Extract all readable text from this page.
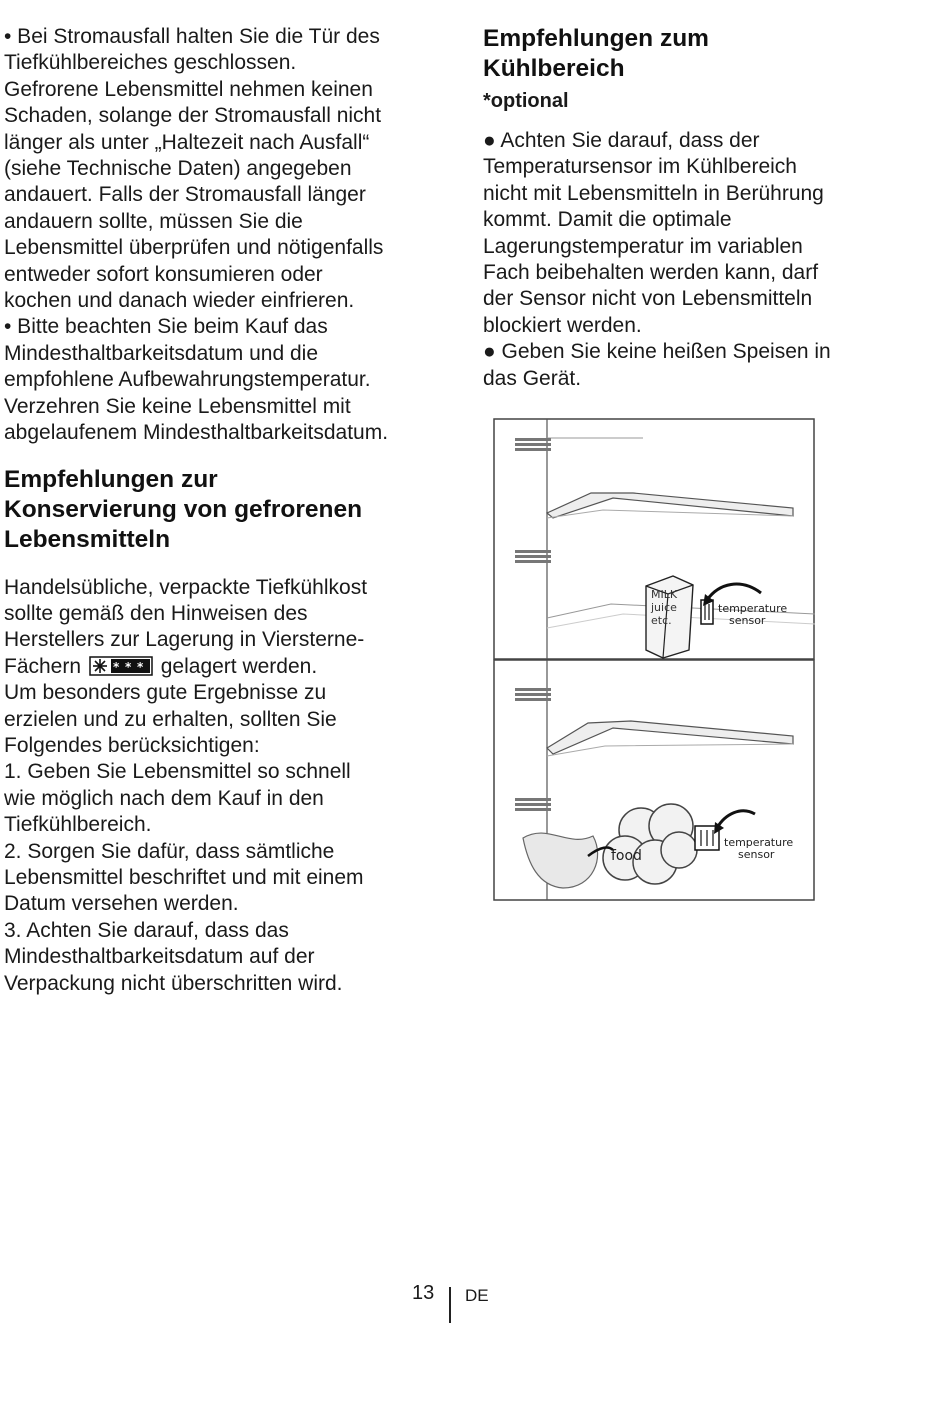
• Bei Stromausfall halten Sie die Tür des
Tiefkühlbereiches geschlossen.
Gefrorene Lebensmittel nehmen keinen
Schaden, solange der Stromausfall nicht
länger als unter „Haltezeit nach Ausfall“
(siehe Technische Daten) angegeben
andauert. Falls der Stromausfall länger
andauern sollte, müssen Sie die
Lebensmittel überprüfen und nötigenfalls
entweder sofort konsumieren oder
kochen und danach wieder einfrieren.
• Bitte beachten Sie beim Kauf das
Mindesthaltbarkeitsdatum und die
empfohlene Aufbewahrungstemperatur.
Verzehren Sie keine Lebensmittel mit
abgelaufenem Mindesthaltbarkeitsdatum.

Empfehlungen zur
Konservierung von gefrorenen
Lebensmitteln

Handelsübliche, verpackte Tiefkühlkost
sollte gemäß den Hinweisen des
Herstellers zur Lagerung in Viersterne-

Fächern	* * * gelagert werden.
Um besonders gute Ergebnisse zu
erzielen und zu erhalten, sollten Sie
Folgendes berücksichtigen:
1. Geben Sie Lebensmittel so schnell
wie möglich nach dem Kauf in den
Tiefkühlbereich.
2. Sorgen Sie dafür, dass sämtliche
Lebensmittel beschriftet und mit einem
Datum versehen werden.
3. Achten Sie darauf, dass das
Mindesthaltbarkeitsdatum auf der
Verpackung nicht überschritten wird.

Empfehlungen zum
Kühlbereich
*optional

● Achten Sie darauf, dass der
Temperatursensor im Kühlbereich
nicht mit Lebensmitteln in Berührung
kommt. Damit die optimale
Lagerungstemperatur im variablen
Fach beibehalten werden kann, darf
der Sensor nicht von Lebensmitteln
blockiert werden.
● Geben Sie keine heißen Speisen in
das Gerät.

MILK
juice
etc.
temperature
sensor
food
temperature
sensor
13 DE
